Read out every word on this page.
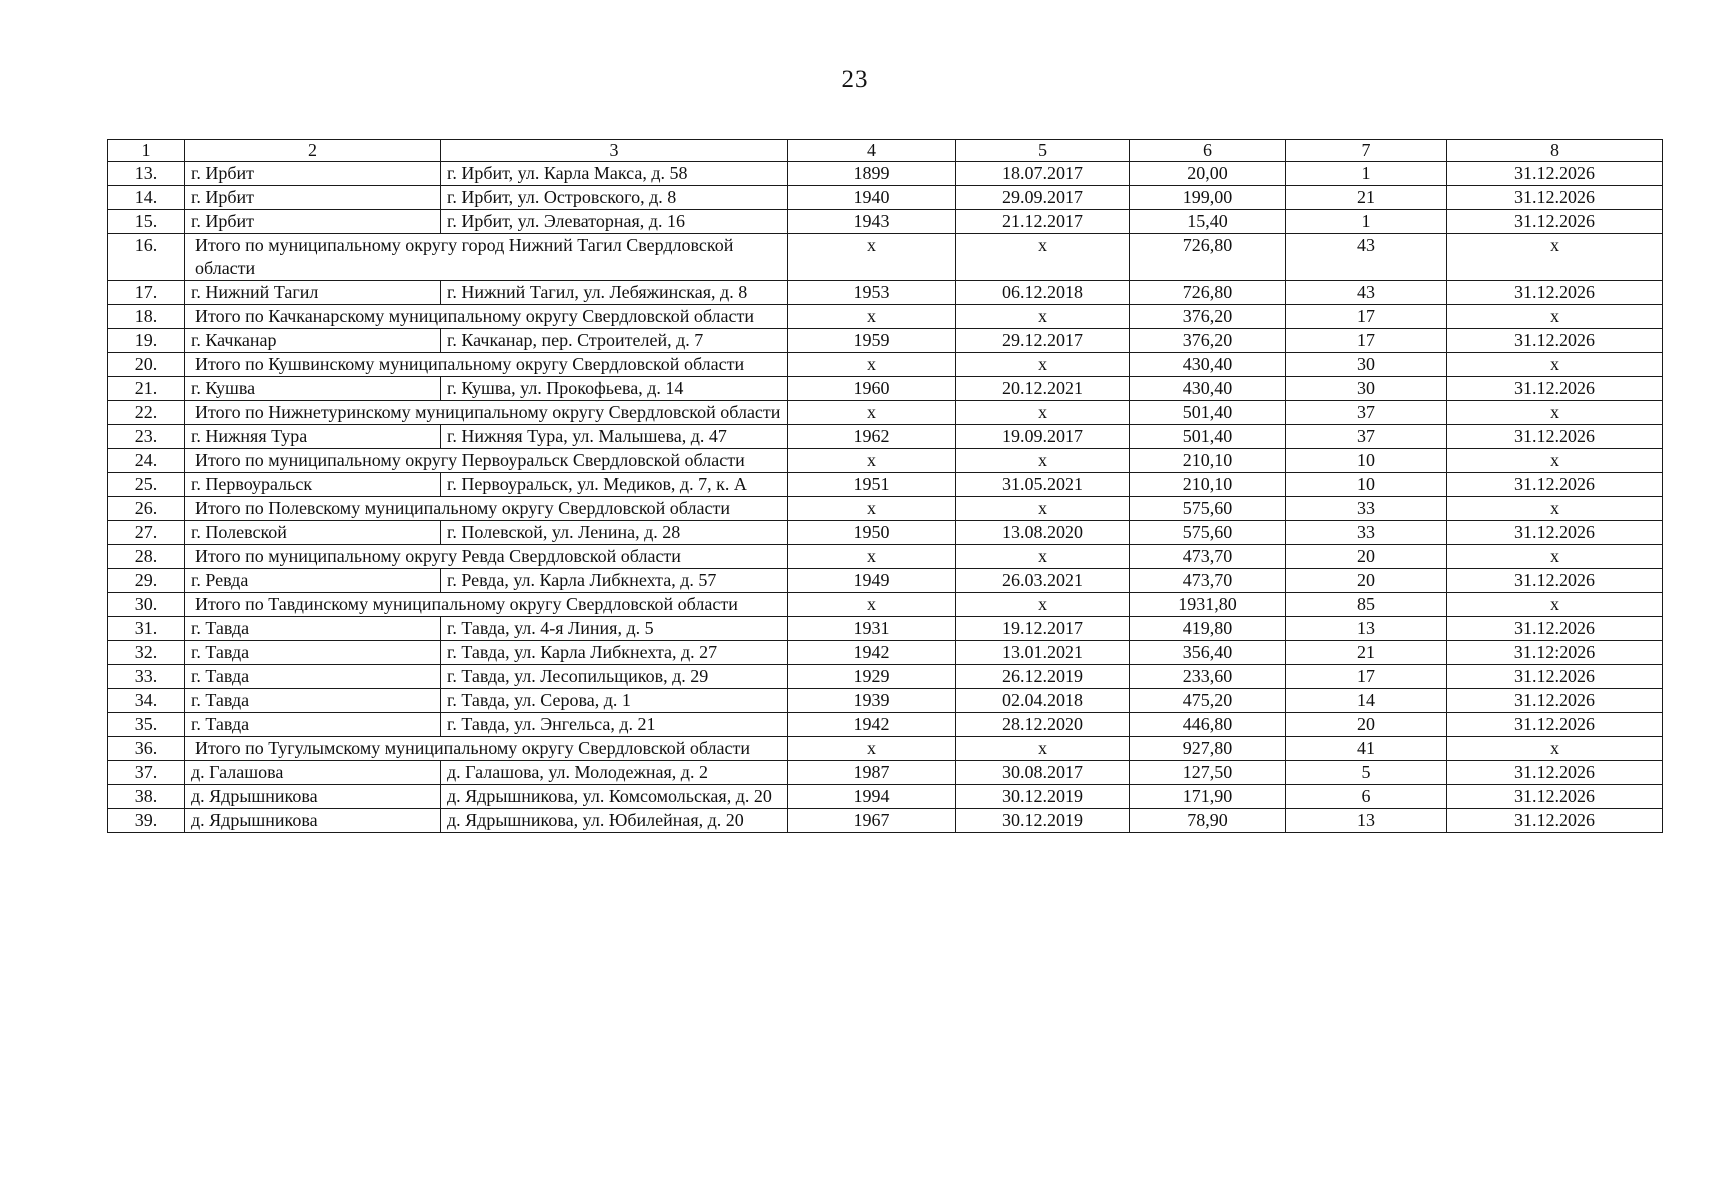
23
1	2	3	4	5	6	7	8
13.	г. Ирбит	г. Ирбит, ул. Карла Макса, д. 58	1899	18.07.2017	20,00	1	31.12.2026
14.	г. Ирбит	г. Ирбит, ул. Островского, д. 8	1940	29.09.2017	199,00	21	31.12.2026
15.	г. Ирбит	г. Ирбит, ул. Элеваторная, д. 16	1943	21.12.2017	15,40	1	31.12.2026
16.	Итого по муниципальному округу город Нижний Тагил Свердловской области		x	x	726,80	43	x
17.	г. Нижний Тагил	г. Нижний Тагил, ул. Лебяжинская, д. 8	1953	06.12.2018	726,80	43	31.12.2026
18.	Итого по Качканарскому муниципальному округу Свердловской области		x	x	376,20	17	x
19.	г. Качканар	г. Качканар, пер. Строителей, д. 7	1959	29.12.2017	376,20	17	31.12.2026
20.	Итого по Кушвинскому муниципальному округу Свердловской области		x	x	430,40	30	x
21.	г. Кушва	г. Кушва, ул. Прокофьева, д. 14	1960	20.12.2021	430,40	30	31.12.2026
22.	Итого по Нижнетуринскому муниципальному округу Свердловской области		x	x	501,40	37	x
23.	г. Нижняя Тура	г. Нижняя Тура, ул. Малышева, д. 47	1962	19.09.2017	501,40	37	31.12.2026
24.	Итого по муниципальному округу Первоуральск Свердловской области		x	x	210,10	10	x
25.	г. Первоуральск	г. Первоуральск, ул. Медиков, д. 7, к. А	1951	31.05.2021	210,10	10	31.12.2026
26.	Итого по Полевскому муниципальному округу Свердловской области		x	x	575,60	33	x
27.	г. Полевской	г. Полевской, ул. Ленина, д. 28	1950	13.08.2020	575,60	33	31.12.2026
28.	Итого по муниципальному округу Ревда Свердловской области		x	x	473,70	20	x
29.	г. Ревда	г. Ревда, ул. Карла Либкнехта, д. 57	1949	26.03.2021	473,70	20	31.12.2026
30.	Итого по Тавдинскому муниципальному округу Свердловской области		x	x	1931,80	85	x
31.	г. Тавда	г. Тавда, ул. 4-я Линия, д. 5	1931	19.12.2017	419,80	13	31.12.2026
32.	г. Тавда	г. Тавда, ул. Карла Либкнехта, д. 27	1942	13.01.2021	356,40	21	31.12:2026
33.	г. Тавда	г. Тавда, ул. Лесопильщиков, д. 29	1929	26.12.2019	233,60	17	31.12.2026
34.	г. Тавда	г. Тавда, ул. Серова, д. 1	1939	02.04.2018	475,20	14	31.12.2026
35.	г. Тавда	г. Тавда, ул. Энгельса, д. 21	1942	28.12.2020	446,80	20	31.12.2026
36.	Итого по Тугулымскому муниципальному округу Свердловской области		x	x	927,80	41	x
37.	д. Галашова	д. Галашова, ул. Молодежная, д. 2	1987	30.08.2017	127,50	5	31.12.2026
38.	д. Ядрышникова	д. Ядрышникова, ул. Комсомольская, д. 20	1994	30.12.2019	171,90	6	31.12.2026
39.	д. Ядрышникова	д. Ядрышникова, ул. Юбилейная, д. 20	1967	30.12.2019	78,90	13	31.12.2026
